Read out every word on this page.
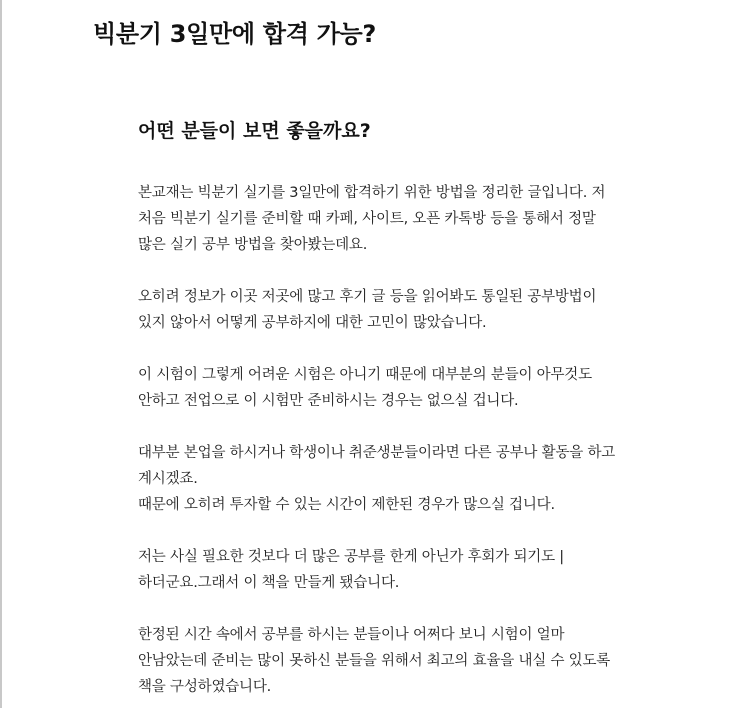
빅분기 3일만에 합격 가능?
어떤 분들이 보면 좋을까요?

본교재는 빅분기 실기를 3일만에 합격하기 위한 방법을 정리한 글입니다. 저
처음 빅분기 실기를 준비할 때 카페, 사이트, 오픈 카톡방 등을 통해서 정말
많은 실기 공부 방법을 찾아봤는데요.

오히려 정보가 이곳 저곳에 많고 후기 글 등을 읽어봐도 통일된 공부방법이
있지 않아서 어떻게 공부하지에 대한 고민이 많았습니다.

이 시험이 그렇게 어려운 시험은 아니기 때문에 대부분의 분들이 아무것도
안하고 전업으로 이 시험만 준비하시는 경우는 없으실 겁니다.

대부분 본업을 하시거나 학생이나 취준생분들이라면 다른 공부나 활동을 하고
계시겠죠.
때문에 오히려 투자할 수 있는 시간이 제한된 경우가 많으실 겁니다.

저는 사실 필요한 것보다 더 많은 공부를 한게 아닌가 후회가 되기도 |
하더군요.그래서 이 책을 만들게 됐습니다.

한정된 시간 속에서 공부를 하시는 분들이나 어쩌다 보니 시험이 얼마
안남았는데 준비는 많이 못하신 분들을 위해서 최고의 효율을 내실 수 있도록
책을 구성하였습니다.
